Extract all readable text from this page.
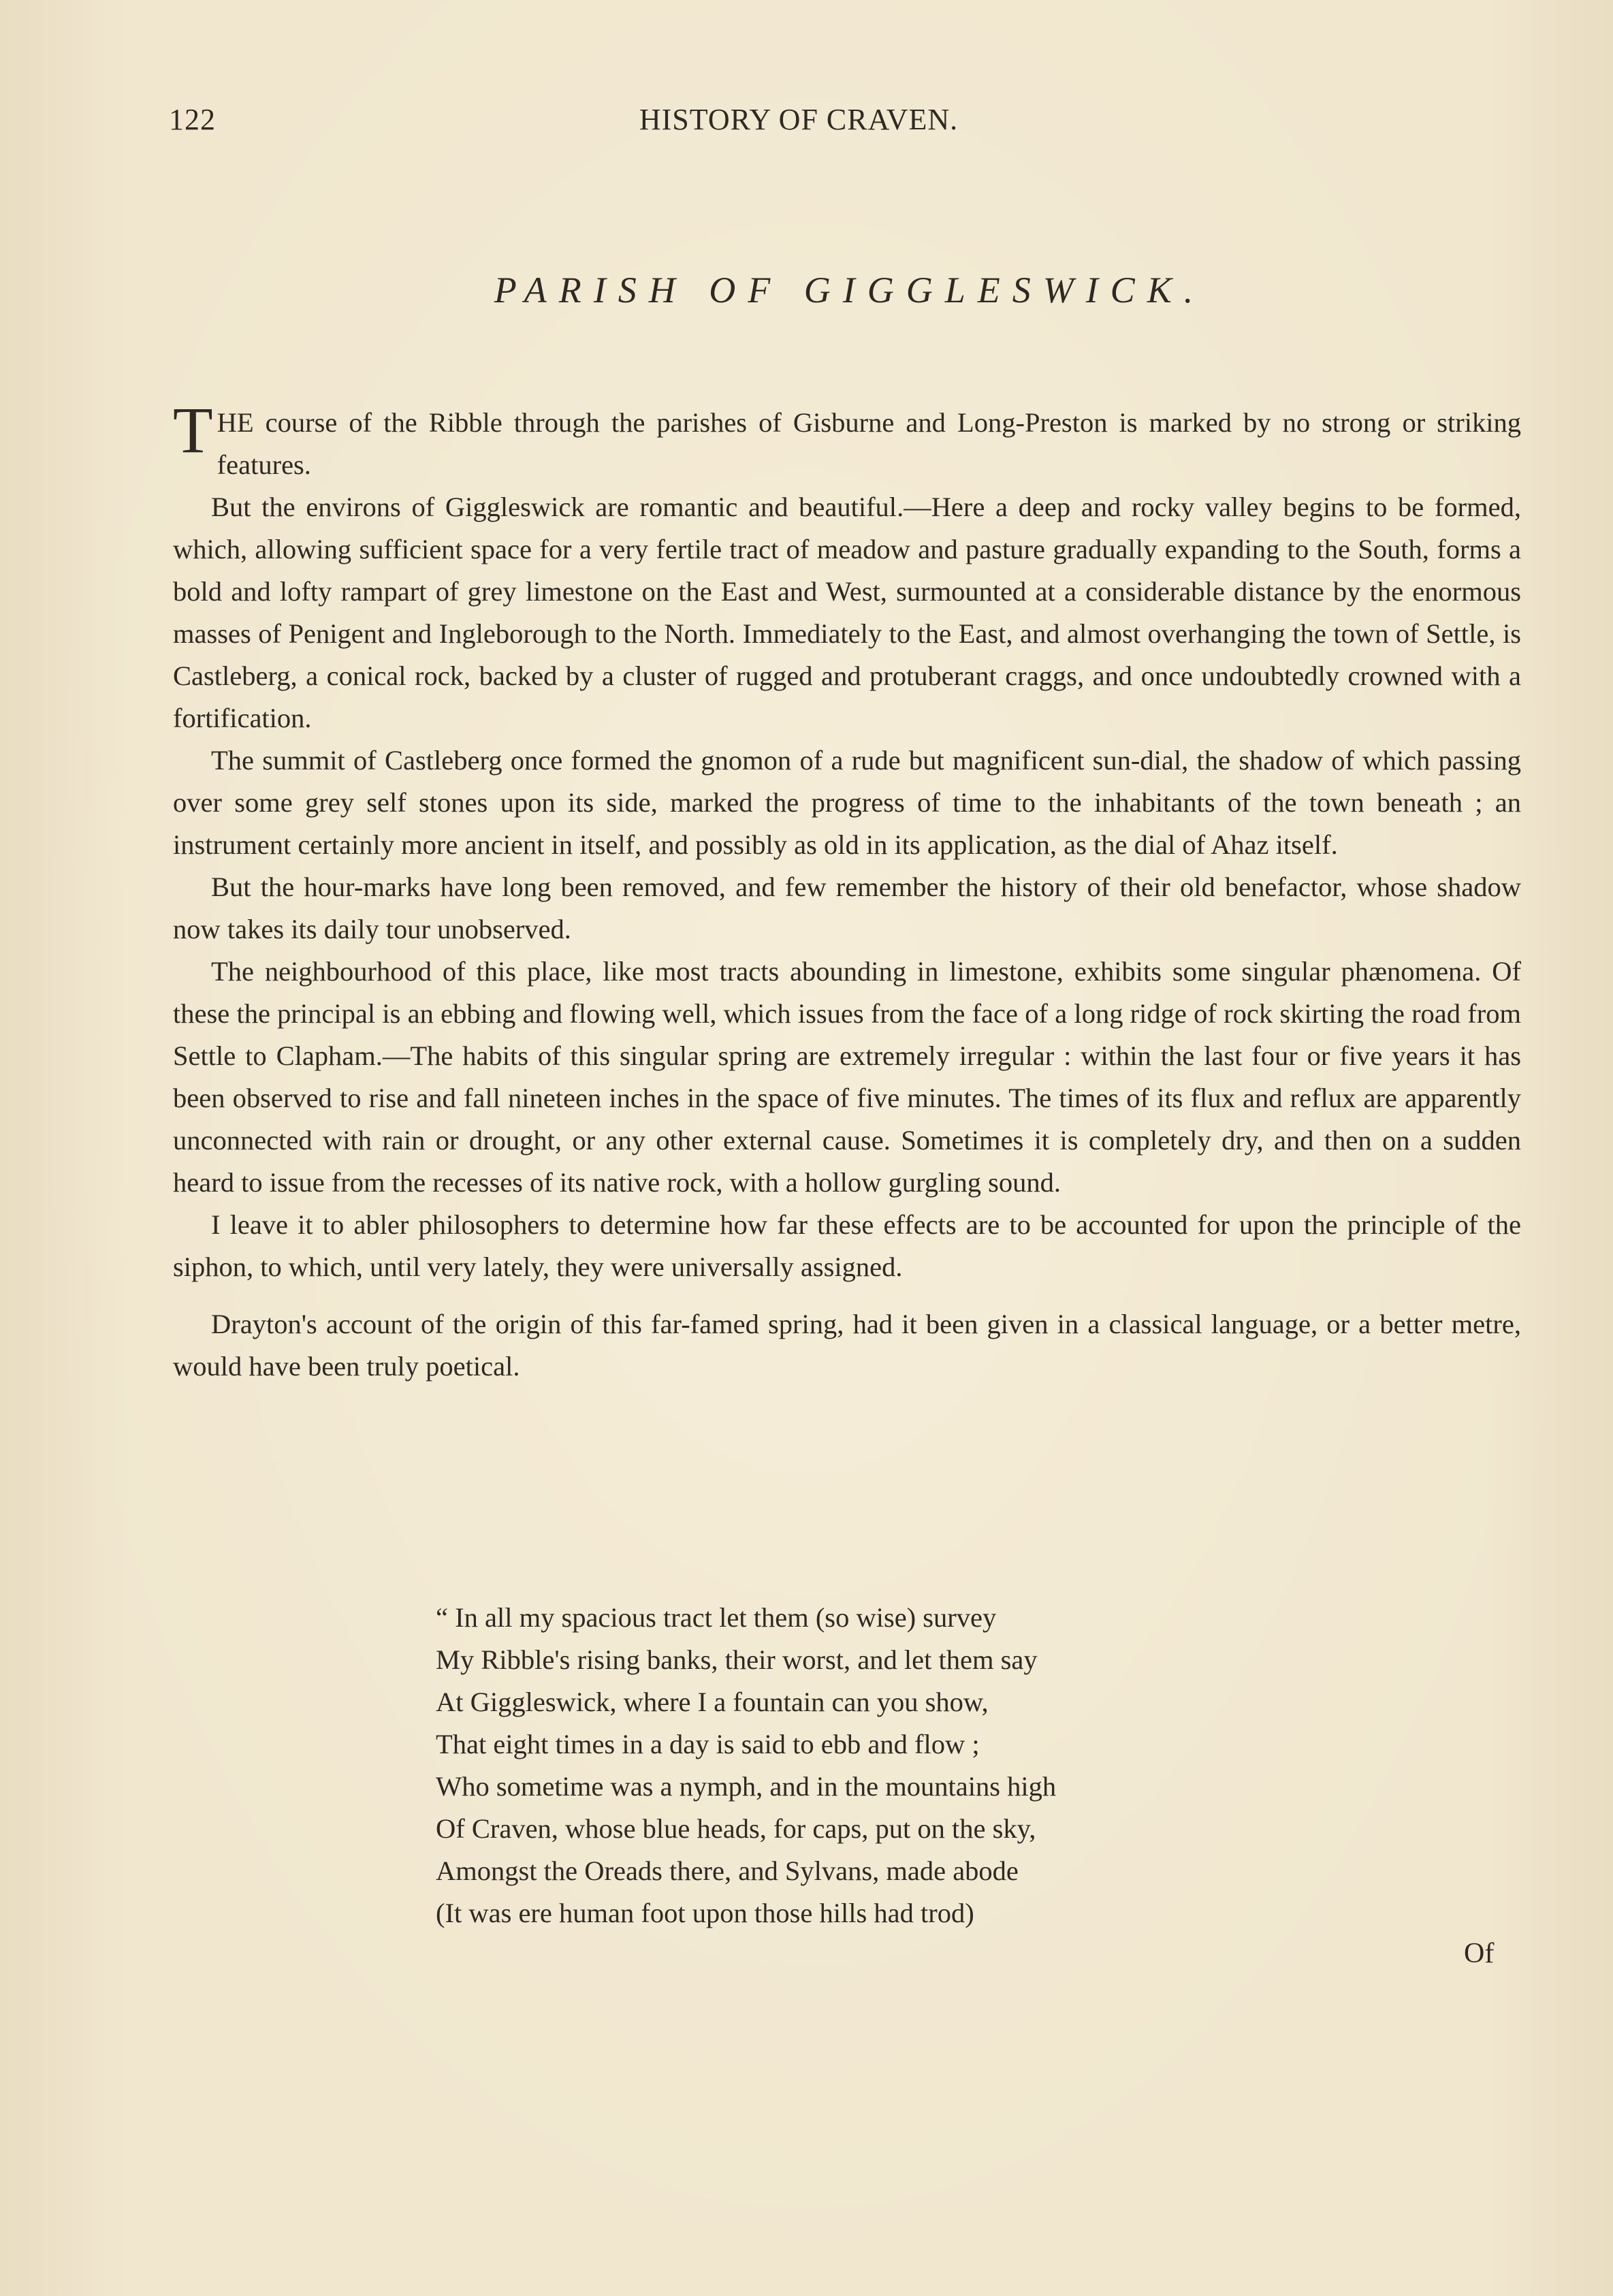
122	HISTORY OF CRAVEN.
PARISH OF GIGGLESWICK.

THE course of the Ribble through the parishes of Gisburne and Long-Preston is marked by no strong or striking features.

But the environs of Giggleswick are romantic and beautiful.—Here a deep and rocky valley begins to be formed, which, allowing sufficient space for a very fertile tract of meadow and pasture gradually expanding to the South, forms a bold and lofty rampart of grey limestone on the East and West, surmounted at a considerable distance by the enormous masses of Penigent and Ingleborough to the North. Immediately to the East, and almost overhanging the town of Settle, is Castleberg, a conical rock, backed by a cluster of rugged and protuberant craggs, and once undoubtedly crowned with a fortification.

The summit of Castleberg once formed the gnomon of a rude but magnificent sun-dial, the shadow of which passing over some grey self stones upon its side, marked the progress of time to the inhabitants of the town beneath ; an instrument certainly more ancient in itself, and possibly as old in its application, as the dial of Ahaz itself.

But the hour-marks have long been removed, and few remember the history of their old benefactor, whose shadow now takes its daily tour unobserved.

The neighbourhood of this place, like most tracts abounding in limestone, exhibits some singular phænomena. Of these the principal is an ebbing and flowing well, which issues from the face of a long ridge of rock skirting the road from Settle to Clapham.—The habits of this singular spring are extremely irregular : within the last four or five years it has been observed to rise and fall nineteen inches in the space of five minutes. The times of its flux and reflux are apparently unconnected with rain or drought, or any other external cause. Sometimes it is completely dry, and then on a sudden heard to issue from the recesses of its native rock, with a hollow gurgling sound.

I leave it to abler philosophers to determine how far these effects are to be accounted for upon the principle of the siphon, to which, until very lately, they were universally assigned.

Drayton's account of the origin of this far-famed spring, had it been given in a classical language, or a better metre, would have been truly poetical.

“ In all my spacious tract let them (so wise) survey
My Ribble's rising banks, their worst, and let them say
At Giggleswick, where I a fountain can you show,
That eight times in a day is said to ebb and flow ;
Who sometime was a nymph, and in the mountains high
Of Craven, whose blue heads, for caps, put on the sky,
Amongst the Oreads there, and Sylvans, made abode
(It was ere human foot upon those hills had trod)
Of
